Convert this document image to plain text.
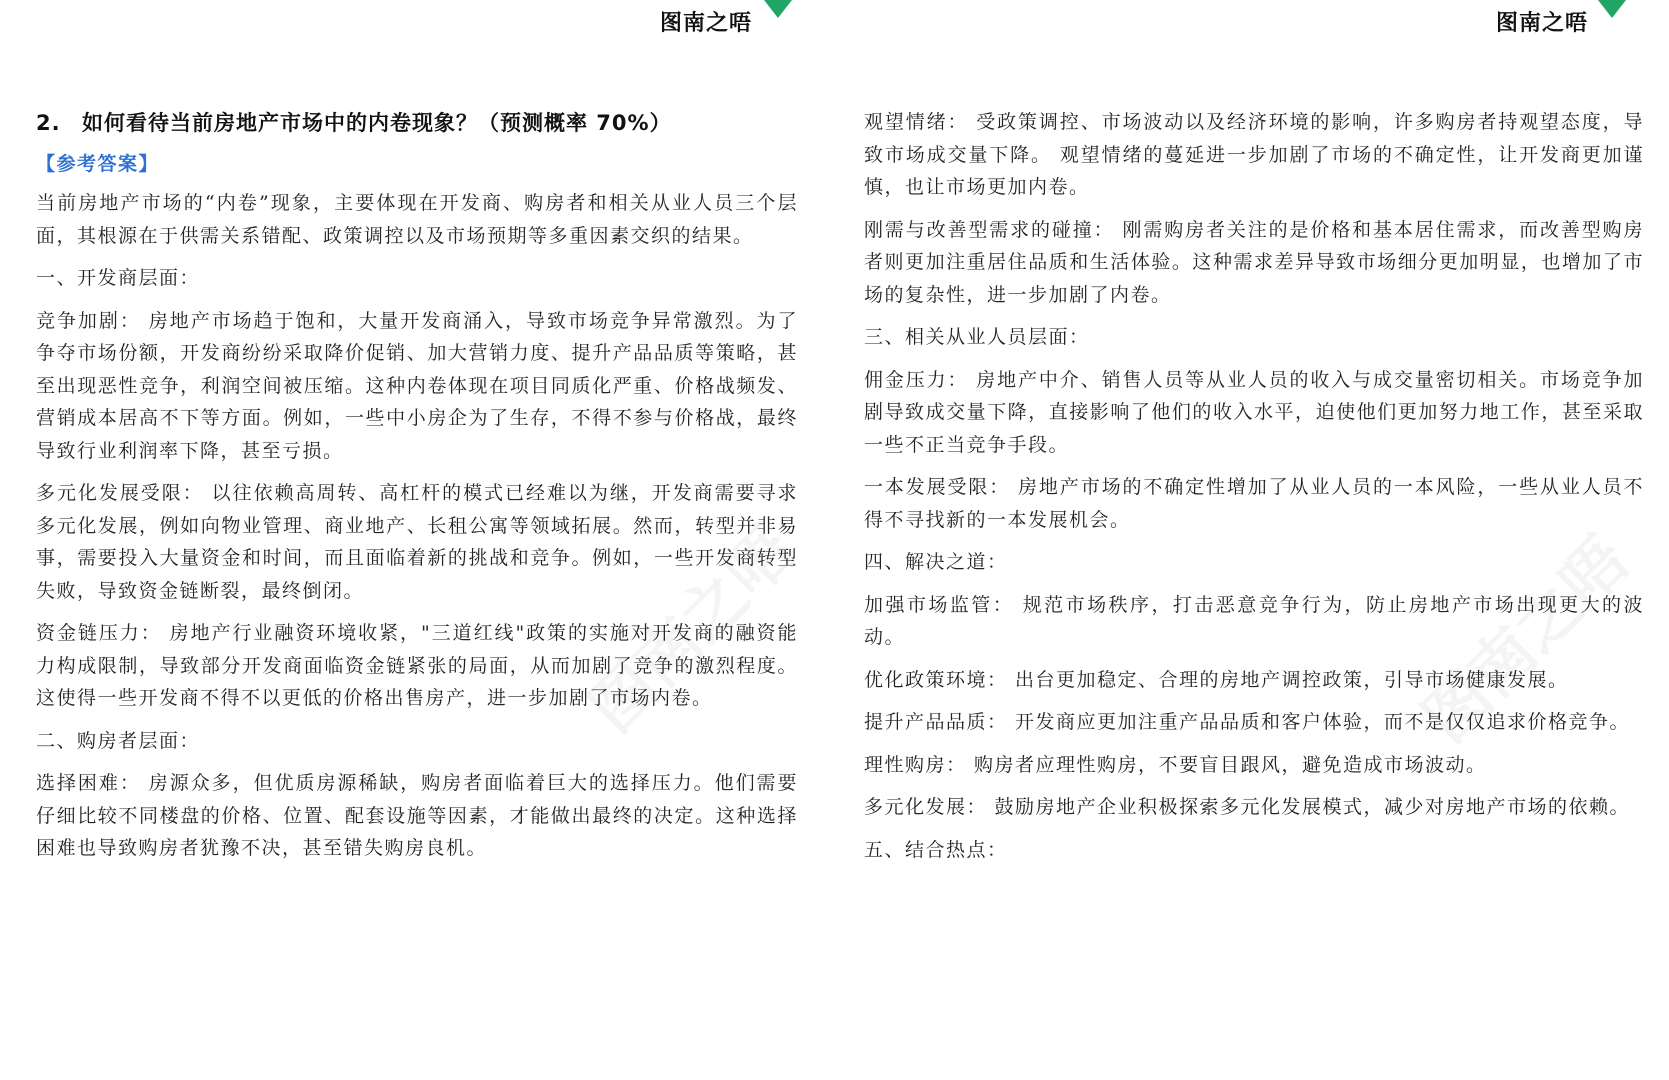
图南之唔
2. 如何看待当前房地产市场中的内卷现象？（预测概率 70%）
【参考答案】

当前房地产市场的“内卷”现象，主要体现在开发商、购房者和相关从业人员三个层面，其根源在于供需关系错配、政策调控以及市场预期等多重因素交织的结果。

一、开发商层面：

竞争加剧： 房地产市场趋于饱和，大量开发商涌入，导致市场竞争异常激烈。为了争夺市场份额，开发商纷纷采取降价促销、加大营销力度、提升产品品质等策略，甚至出现恶性竞争，利润空间被压缩。这种内卷体现在项目同质化严重、价格战频发、营销成本居高不下等方面。例如，一些中小房企为了生存，不得不参与价格战，最终导致行业利润率下降，甚至亏损。

多元化发展受限： 以往依赖高周转、高杠杆的模式已经难以为继，开发商需要寻求多元化发展，例如向物业管理、商业地产、长租公寓等领域拓展。然而，转型并非易事，需要投入大量资金和时间，而且面临着新的挑战和竞争。例如，一些开发商转型失败，导致资金链断裂，最终倒闭。

资金链压力： 房地产行业融资环境收紧，"三道红线"政策的实施对开发商的融资能力构成限制，导致部分开发商面临资金链紧张的局面，从而加剧了竞争的激烈程度。这使得一些开发商不得不以更低的价格出售房产，进一步加剧了市场内卷。

二、购房者层面：

选择困难： 房源众多，但优质房源稀缺，购房者面临着巨大的选择压力。他们需要仔细比较不同楼盘的价格、位置、配套设施等因素，才能做出最终的决定。这种选择困难也导致购房者犹豫不决，甚至错失购房良机。

图南之唔

观望情绪： 受政策调控、市场波动以及经济环境的影响，许多购房者持观望态度，导致市场成交量下降。 观望情绪的蔓延进一步加剧了市场的不确定性，让开发商更加谨慎，也让市场更加内卷。

刚需与改善型需求的碰撞： 刚需购房者关注的是价格和基本居住需求，而改善型购房者则更加注重居住品质和生活体验。这种需求差异导致市场细分更加明显，也增加了市场的复杂性，进一步加剧了内卷。

三、相关从业人员层面：

佣金压力： 房地产中介、销售人员等从业人员的收入与成交量密切相关。市场竞争加剧导致成交量下降，直接影响了他们的收入水平，迫使他们更加努力地工作，甚至采取一些不正当竞争手段。

一本发展受限： 房地产市场的不确定性增加了从业人员的一本风险，一些从业人员不得不寻找新的一本发展机会。

四、解决之道：

加强市场监管： 规范市场秩序，打击恶意竞争行为，防止房地产市场出现更大的波动。

优化政策环境： 出台更加稳定、合理的房地产调控政策，引导市场健康发展。

提升产品品质： 开发商应更加注重产品品质和客户体验，而不是仅仅追求价格竞争。

理性购房： 购房者应理性购房，不要盲目跟风，避免造成市场波动。

多元化发展： 鼓励房地产企业积极探索多元化发展模式，减少对房地产市场的依赖。

五、结合热点：
